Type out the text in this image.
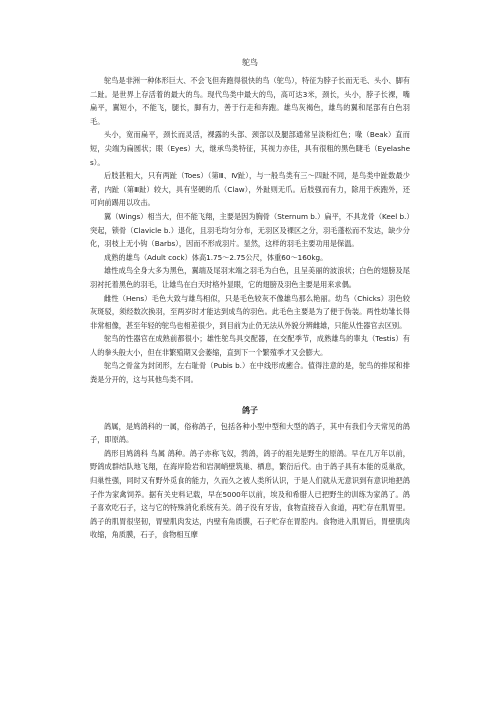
鸵鸟

鸵鸟是非洲一种体形巨大、不会飞但奔跑得很快的鸟（鸵鸟），特征为脖子长而无毛、头小、脚有二趾。是世界上存活着的最大的鸟。现代鸟类中最大的鸟，高可达3米，颈长，头小，脖子长裸，嘴扁平，翼短小，不能飞，腿长，脚有力，善于行走和奔跑。雄鸟灰褐色，雄鸟的翼和尾部有白色羽毛。

头小，宽而扁平，颈长而灵活，裸露的头部、颈部以及腿部通常呈淡粉红色；喙（Beak）直而短，尖端为扁圆状；眼（Eyes）大，继承鸟类特征，其视力亦佳，具有很粗的黑色睫毛（Eyelashes）。

后肢甚粗大，只有两趾（Toes）（第Ⅲ、Ⅳ趾），与一般鸟类有三～四趾不同，是鸟类中趾数最少者，内趾（第Ⅲ趾）较大，具有坚硬的爪（Claw），外趾则无爪。后肢强而有力，除用于疾跑外，还可向前踢用以攻击。

翼（Wings）相当大，但不能飞翔，主要是因为胸骨（Sternum b.）扁平，不具龙骨（Keel b.）突起，锁骨（Clavicle b.）退化，且羽毛均匀分布，无羽区及裸区之分，羽毛蓬松而不发达，缺少分化，羽枝上无小钩（Barbs），因而不形成羽片。显然，这样的羽毛主要功用是保温。

成熟的雄鸟（Adult cock）体高1.75～2.75公尺，体重60～160kg。

雄性成鸟全身大多为黑色，翼端及尾羽末端之羽毛为白色，且呈美丽的波浪状；白色的翅膀及尾羽衬托着黑色的羽毛，让雄鸟在白天时格外显眼，它的翅膀及羽色主要是用来求偶。

雌性（Hens）毛色大致与雄鸟相似，只是毛色较灰不像雄鸟那么艳丽。幼鸟（Chicks）羽色较灰斑驳，须经数次换羽，至两岁时才能达到成鸟的羽色。此毛色主要是为了便于伪装。两性幼雏长得非常相像，甚至年轻的鸵鸟也相差很少，到目前为止仍无法从外貌分辨雌雄，只能从性器官去区别。

鸵鸟的性器官在成熟前都很小；雄性鸵鸟具交配器，在交配季节，成熟雄鸟的睾丸（Testis）有人的拳头般大小，但在非繁殖期又会萎缩，直到下一个繁殖季才又会膨大。

鸵鸟之骨盆为封闭形，左右耻骨（Pubis b.）在中线形成癒合。值得注意的是，鸵鸟的排尿和排粪是分开的，这与其他鸟类不同。

鸽子

鸽属，是鸠鸽科的一属，俗称鸽子，包括各种小型中型和大型的鸽子，其中有我们今天常见的鸽子，即原鸽。

鸽形目鸠鸽科 鸟属 鸽种。鸽子亦称飞奴，鹁鸽，鸽子的祖先是野生的原鸽。早在几万年以前，野鸽成群结队地飞翔，在海岸险岩和岩洞峭壁筑巢、栖息，繁衍后代。由于鸽子具有本能的觅巢欲，归巢性强，同时又有野外觅食的能力，久而久之被人类所认识，于是人们就从无意识到有意识地把鸽子作为家禽饲养。据有关史料记载，早在5000年以前，埃及和希腊人已把野生的训练为家鸽了。鸽子喜欢吃石子，这与它的特殊消化系统有关。鸽子没有牙齿，食物直接吞入食道，再贮存在肌胃里。鸽子的肌胃很坚韧，胃壁肌肉发达，内壁有角质膜，石子贮存在胃腔内。食物进入肌胃后，胃壁肌肉收缩，角质膜，石子，食物相互摩
